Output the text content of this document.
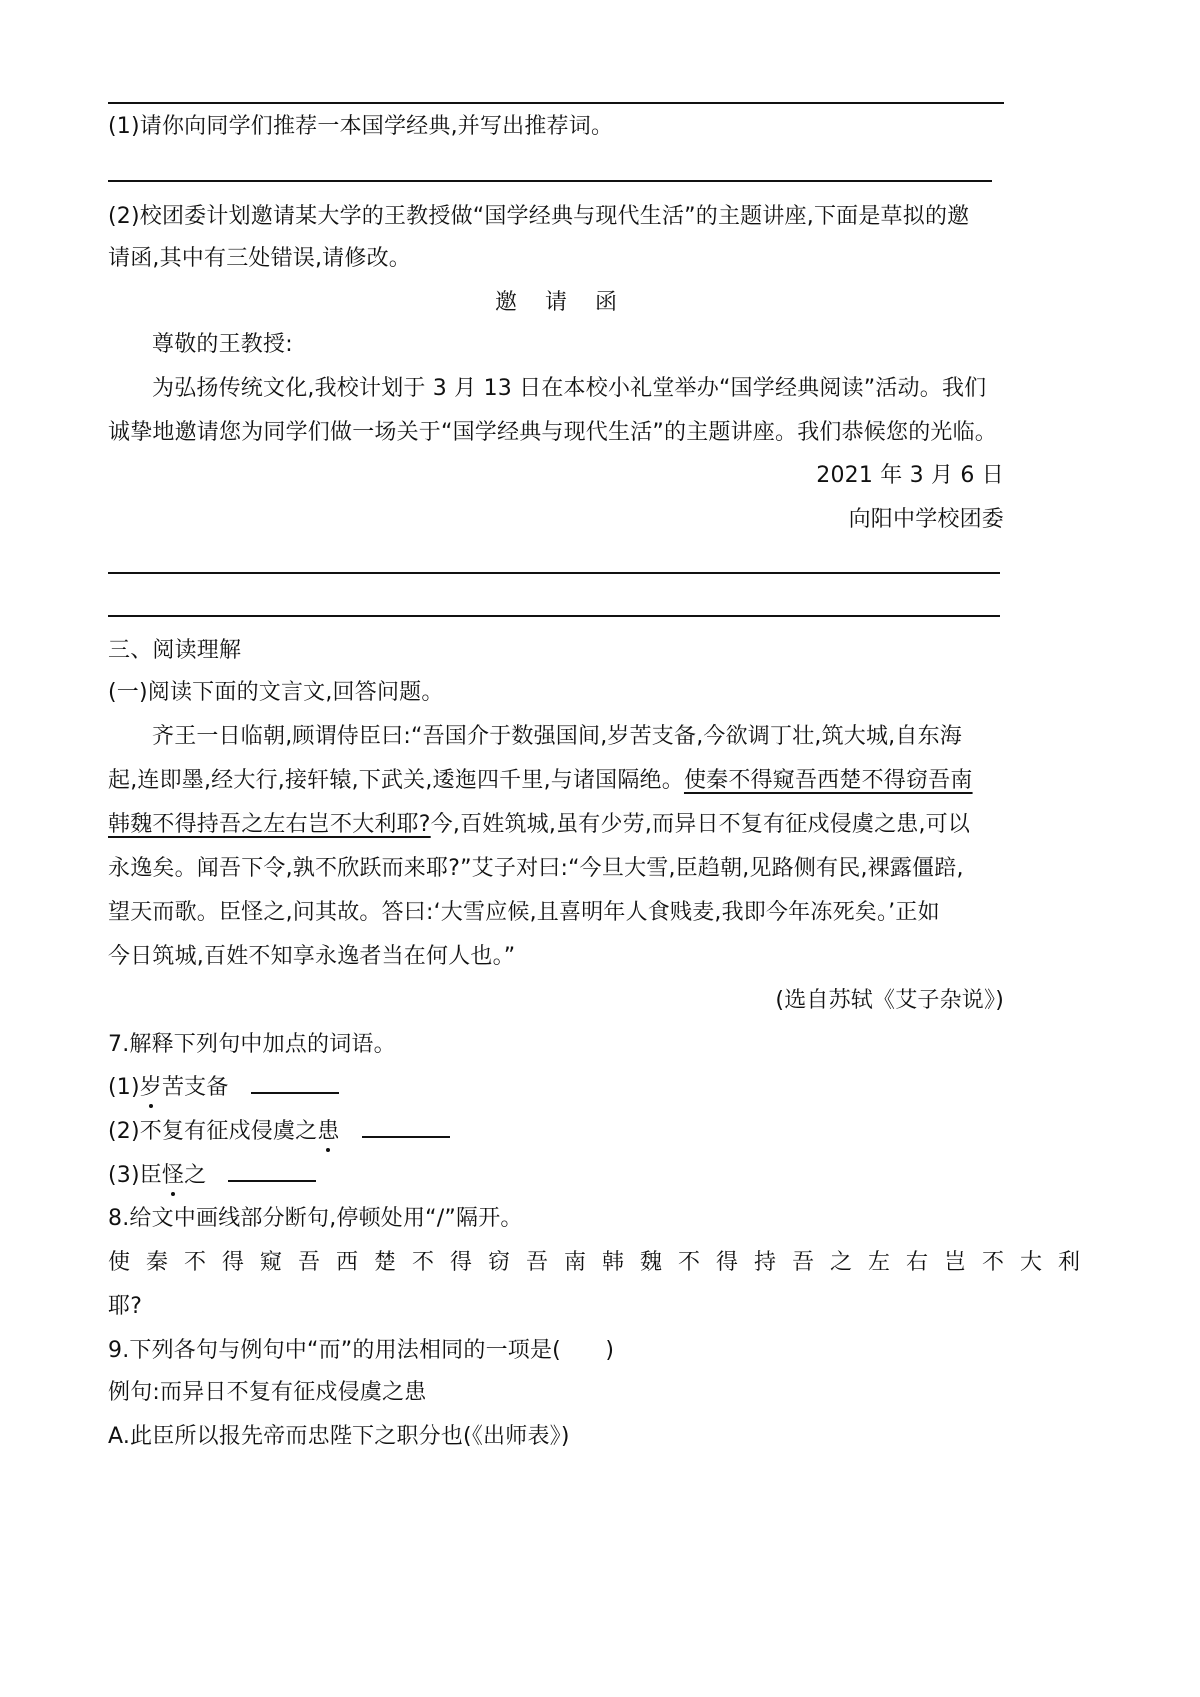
(1)请你向同学们推荐一本国学经典,并写出推荐词。
(2)校团委计划邀请某大学的王教授做“国学经典与现代生活”的主题讲座,下面是草拟的邀
请函,其中有三处错误,请修改。
邀请函
尊敬的王教授:
为弘扬传统文化,我校计划于 3 月 13 日在本校小礼堂举办“国学经典阅读”活动。我们
诚挚地邀请您为同学们做一场关于“国学经典与现代生活”的主题讲座。我们恭候您的光临。
2021 年 3 月 6 日
向阳中学校团委
三、阅读理解
(一)阅读下面的文言文,回答问题。
齐王一日临朝,顾谓侍臣曰:“吾国介于数强国间,岁苦支备,今欲调丁壮,筑大城,自东海
起,连即墨,经大行,接轩辕,下武关,逶迤四千里,与诸国隔绝。使秦不得窥吾西楚不得窃吾南
韩魏不得持吾之左右岂不大利耶?今,百姓筑城,虽有少劳,而异日不复有征戍侵虞之患,可以
永逸矣。闻吾下令,孰不欣跃而来耶?”艾子对曰:“今旦大雪,臣趋朝,见路侧有民,裸露僵踣,
望天而歌。臣怪之,问其故。答曰:‘大雪应候,且喜明年人食贱麦,我即今年冻死矣。’正如
今日筑城,百姓不知享永逸者当在何人也。”
(选自苏轼《艾子杂说》)
7.解释下列句中加点的词语。
(1)岁苦支备
(2)不复有征戍侵虞之患
(3)臣怪之
8.给文中画线部分断句,停顿处用“/”隔开。
使秦不得窥吾西楚不得窃吾南韩魏不得持吾之左右岂不大利
耶?
9.下列各句与例句中“而”的用法相同的一项是(　　)
例句:而异日不复有征戍侵虞之患
A.此臣所以报先帝而忠陛下之职分也(《出师表》)
